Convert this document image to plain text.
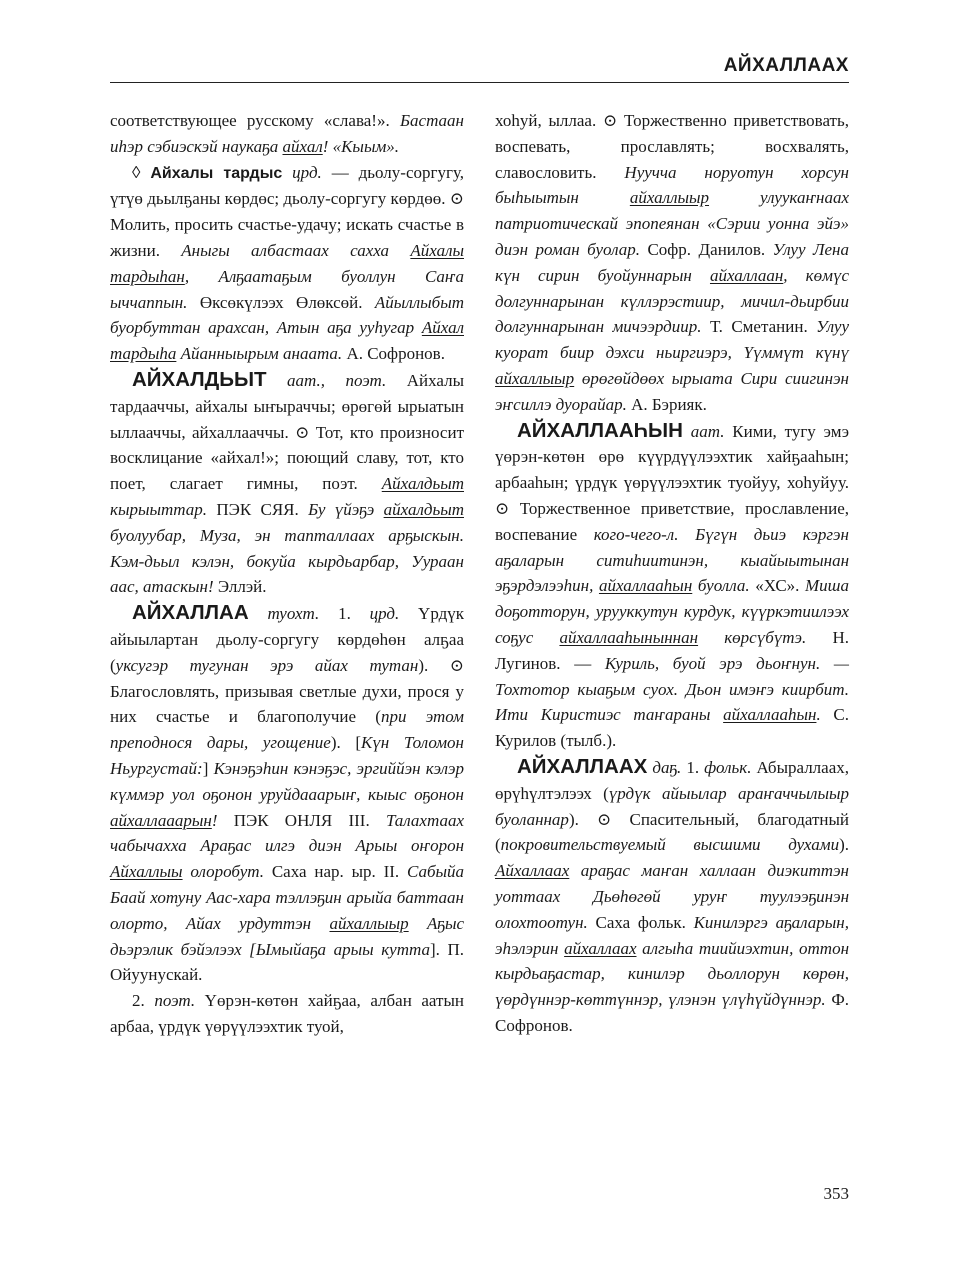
АЙХАЛЛААХ

соответствующее русскому «слава!». Бастаан иһэр сэбиэскэй наукаҕа айхал! «Кыым».

◊ Айхалы тардыс црд. — дьолу-соргугу, үтүө дьылҕаны көрдөс; дьолу-соргугу көрдөө. ⊙ Молить, просить счастье-удачу; искать счастье в жизни. Аныгы албастаах сахха Айхалы тардыһан, Алҕаатаҕым буоллун Саҥа ыччаппын. Өксөкүлээх Өлөксөй. Айыллыбыт буорбуттан арахсан, Атын аҕа ууһугар Айхал тардыһа Айанныырым анаата. А. Софронов.

АЙХАЛДЬЫТ аат., поэт. Айхалы тардааччы, айхалы ыҥыраччы; өрөгөй ырыатын ыллааччы, айхаллааччы. ⊙ Тот, кто произносит восклицание «айхал!»; поющий славу, тот, кто поет, слагает гимны, поэт. Айхалдьыт кырыыттар. ПЭК СЯЯ. Бу үйэҕэ айхалдьыт буолуубар, Муза, эн тапталлаах арҕыскын. Кэм-дьыл кэлэн, бокуйа кырдьарбар, Уураан аас, атаскын! Эллэй.

АЙХАЛЛАА туохт. 1. црд. Үрдүк айыылартан дьолу-соргугу көрдөһөн алҕаа (уксугэр тугунан эрэ айах тутан). ⊙ Благословлять, призывая светлые духи, прося у них счастье и благополучие (при этом преподнося дары, угощение). [Күн Толомон Ньургустай:] Кэнэҕэһин кэнэҕэс, эргиййэн кэлэр күммэр уол оҕонон уруйдааарыҥ, кыыс оҕонон айхаллааарын! ПЭК ОНЛЯ III. Талахтаах чабычахха Араҕас илгэ диэн Арыы оҥорон Айхаллыы олоробут. Саха нар. ыр. II. Сабыйа Баай хотуну Аас-хара тэллэҕин арыйа баттаан олорто, Айах урдуттэн айхаллыыр Аҕыс дьэрэлик бэйэлээх [Ымыйаҕа арыы кутта]. П. Ойуунускай.

2. поэт. Үөрэн-көтөн хайҕаа, албан аатын арбаа, үрдүк үөрүүлээхтик туой,

хоһуй, ыллаа. ⊙ Торжественно приветствовать, воспевать, прославлять; восхвалять, славословить. Нууччa норуотун хорсун быһыытын айхаллыыр улуукаҥнаах патриотическай эпопеянан «Сэрии уонна эйэ» диэн роман буолар. Софр. Данилов. Улуу Лена күн сирин буойуннарын айхаллаан, көмүс долгуннарынан күллэрэстиир, мичил-дьирбии долгуннарынан мичээрдиир. Т. Сметанин. Улуу куорат биир дэхси ньиргиэрэ, Үүммүт күнү айхаллыыр өрөгөйдөөх ырыата Сири сиигинэн эҥсиллэ дуорайар. А. Бэрияк.

АЙХАЛЛААҺЫН аат. Кими, тугу эмэ үөрэн-көтөн өрө күүрдүүлээхтик хайҕааһын; арбааһын; үрдүк үөрүүлээхтик туойуу, хоһуйуу. ⊙ Торжественное приветствие, прославление, воспевание кого-чего-л. Бүгүн дьиэ кэргэн аҕаларын ситиһиитинэн, кыайыытынан эҕэрдэлээһин, айхаллааһын буолла. «ХС». Миша доҕотторун, урууккутун курдук, күүркэтиилээх соҕус айхаллааһыныннан көрсүбүтэ. Н. Лугинов. — Куриль, буой эрэ дьоҥнун. — Тохтотор кыаҕым суох. Дьон имэҥэ киирбит. Ити Киристиэс таҥараны айхаллааһын. С. Курилов (тылб.).

АЙХАЛЛААХ даҕ. 1. фольк. Абыраллаах, өрүһүлтэлээх (үрдүк айыылар араҥаччылыыр буоланнар). ⊙ Спасительный, благодатный (покровительствуемый высшими духами). Айхаллаах араҕас маҥан халлаан диэкиттэн уоттаах Дьөһөгөй уруҥ туулээҕинэн олохтоотун. Саха фольк. Кинилэргэ аҕаларын, эһэлэрин айхаллаах алгыһа тиийиэхтин, оттон кырдьаҕастар, кинилэр дьоллорун көрөн, үөрдүннэр-көттүннэр, үлэнэн үлүһүйдүннэр. Ф. Софронов.

353
